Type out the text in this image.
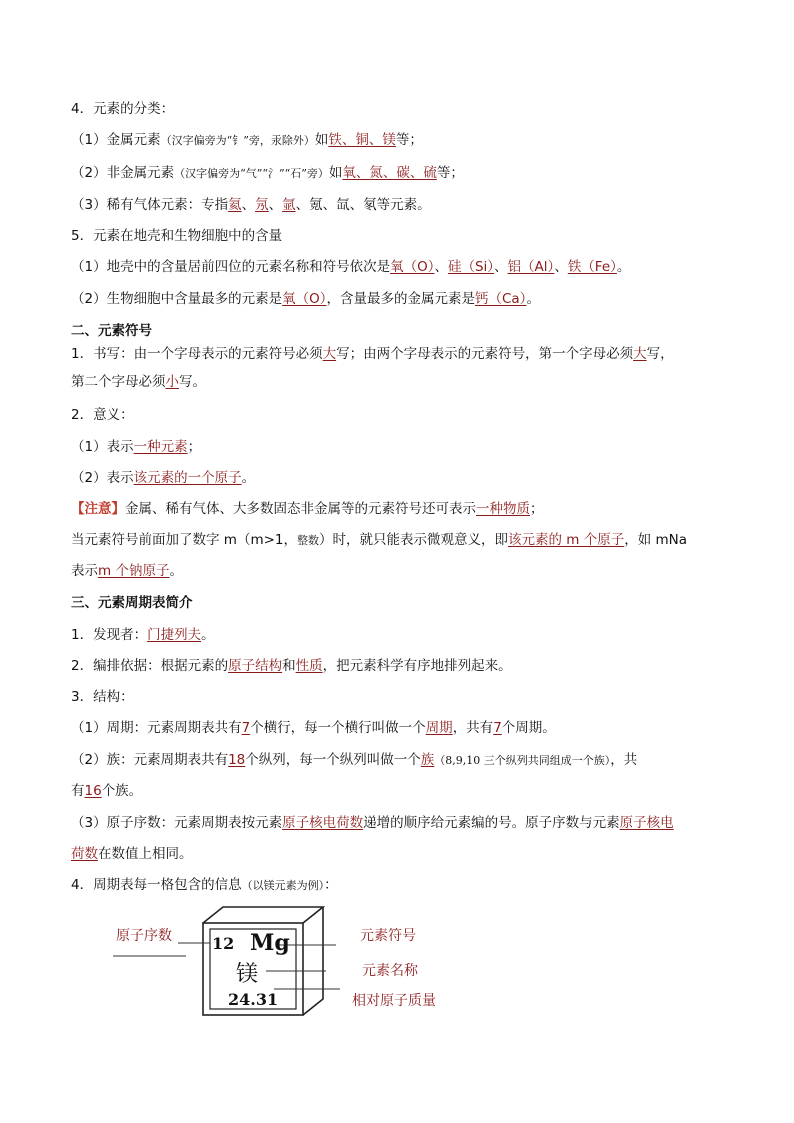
4．元素的分类：
（1）金属元素（汉字偏旁为“钅”旁，汞除外）如铁、铜、镁等；
（2）非金属元素（汉字偏旁为“气”“氵”“石”旁）如氧、氮、碳、硫等；
（3）稀有气体元素：专指氦、氖、氩、氪、氙、氡等元素。
5．元素在地壳和生物细胞中的含量
（1）地壳中的含量居前四位的元素名称和符号依次是氧（O）、硅（Si）、铝（Al）、铁（Fe）。
（2）生物细胞中含量最多的元素是氧（O），含量最多的金属元素是钙（Ca）。
二、元素符号
1．书写：由一个字母表示的元素符号必须大写；由两个字母表示的元素符号，第一个字母必须大写，
第二个字母必须小写。
2．意义：
（1）表示一种元素；
（2）表示该元素的一个原子。
【注意】金属、稀有气体、大多数固态非金属等的元素符号还可表示一种物质；
当元素符号前面加了数字 m（m>1，整数）时，就只能表示微观意义，即该元素的 m 个原子，如 mNa
表示m 个钠原子。
三、元素周期表简介
1．发现者：门捷列夫。
2．编排依据：根据元素的原子结构和性质，把元素科学有序地排列起来。
3．结构：
（1）周期：元素周期表共有7个横行，每一个横行叫做一个周期，共有7个周期。
（2）族：元素周期表共有18个纵列，每一个纵列叫做一个族（8,9,10 三个纵列共同组成一个族），共
有16个族。
（3）原子序数：元素周期表按元素原子核电荷数递增的顺序给元素编的号。原子序数与元素原子核电
荷数在数值上相同。
4．周期表每一格包含的信息（以镁元素为例）：
12 Mg
镁
24.31
原子序数	元素符号
元素名称
相对原子质量
